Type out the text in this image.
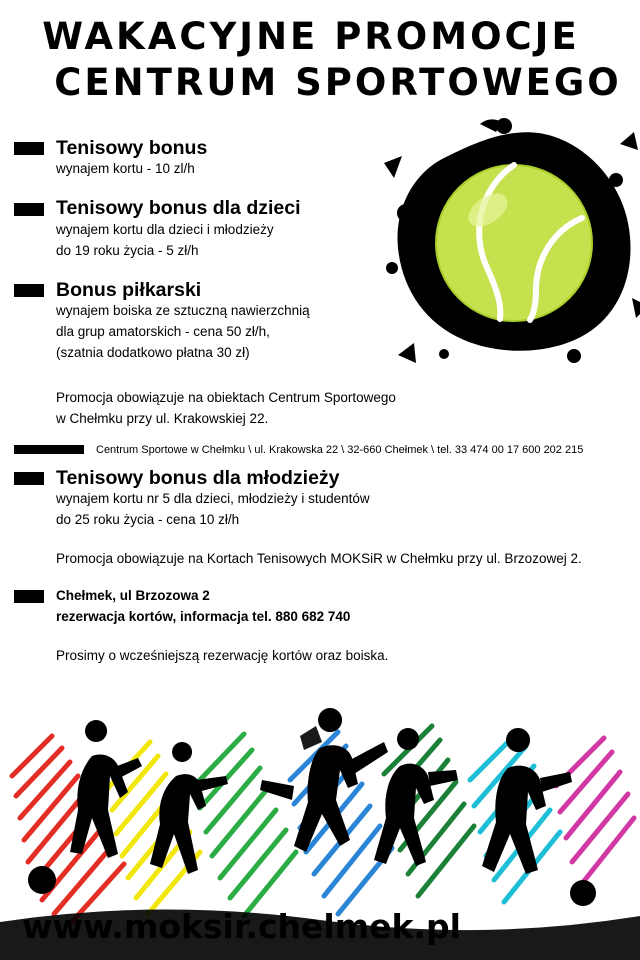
WAKACYJNE PROMOCJE
CENTRUM SPORTOWEGO
Tenisowy bonus
wynajem kortu - 10 zl/h
Tenisowy bonus dla dzieci
wynajem kortu dla dzieci i młodzieży
do 19 roku życia - 5 zł/h
Bonus piłkarski
wynajem boiska ze sztuczną nawierzchnią
dla grup amatorskich - cena 50 zł/h,
(szatnia dodatkowo płatna 30 zł)
Promocja obowiązuje na obiektach Centrum Sportowego
w Chełmku przy ul. Krakowskiej 22.
Centrum Sportowe w Chełmku \ ul. Krakowska 22 \ 32-660 Chełmek \ tel. 33 474 00 17 600 202 215
Tenisowy bonus dla młodzieży
wynajem kortu nr 5 dla dzieci, młodzieży i studentów
do 25 roku życia - cena 10 zł/h
Promocja obowiązuje na Kortach Tenisowych MOKSiR w Chełmku przy ul. Brzozowej 2.
Chełmek, ul Brzozowa 2
rezerwacja kortów, informacja tel. 880 682 740
Prosimy o wcześniejszą rezerwację kortów oraz boiska.
www.moksir.chelmek.pl
